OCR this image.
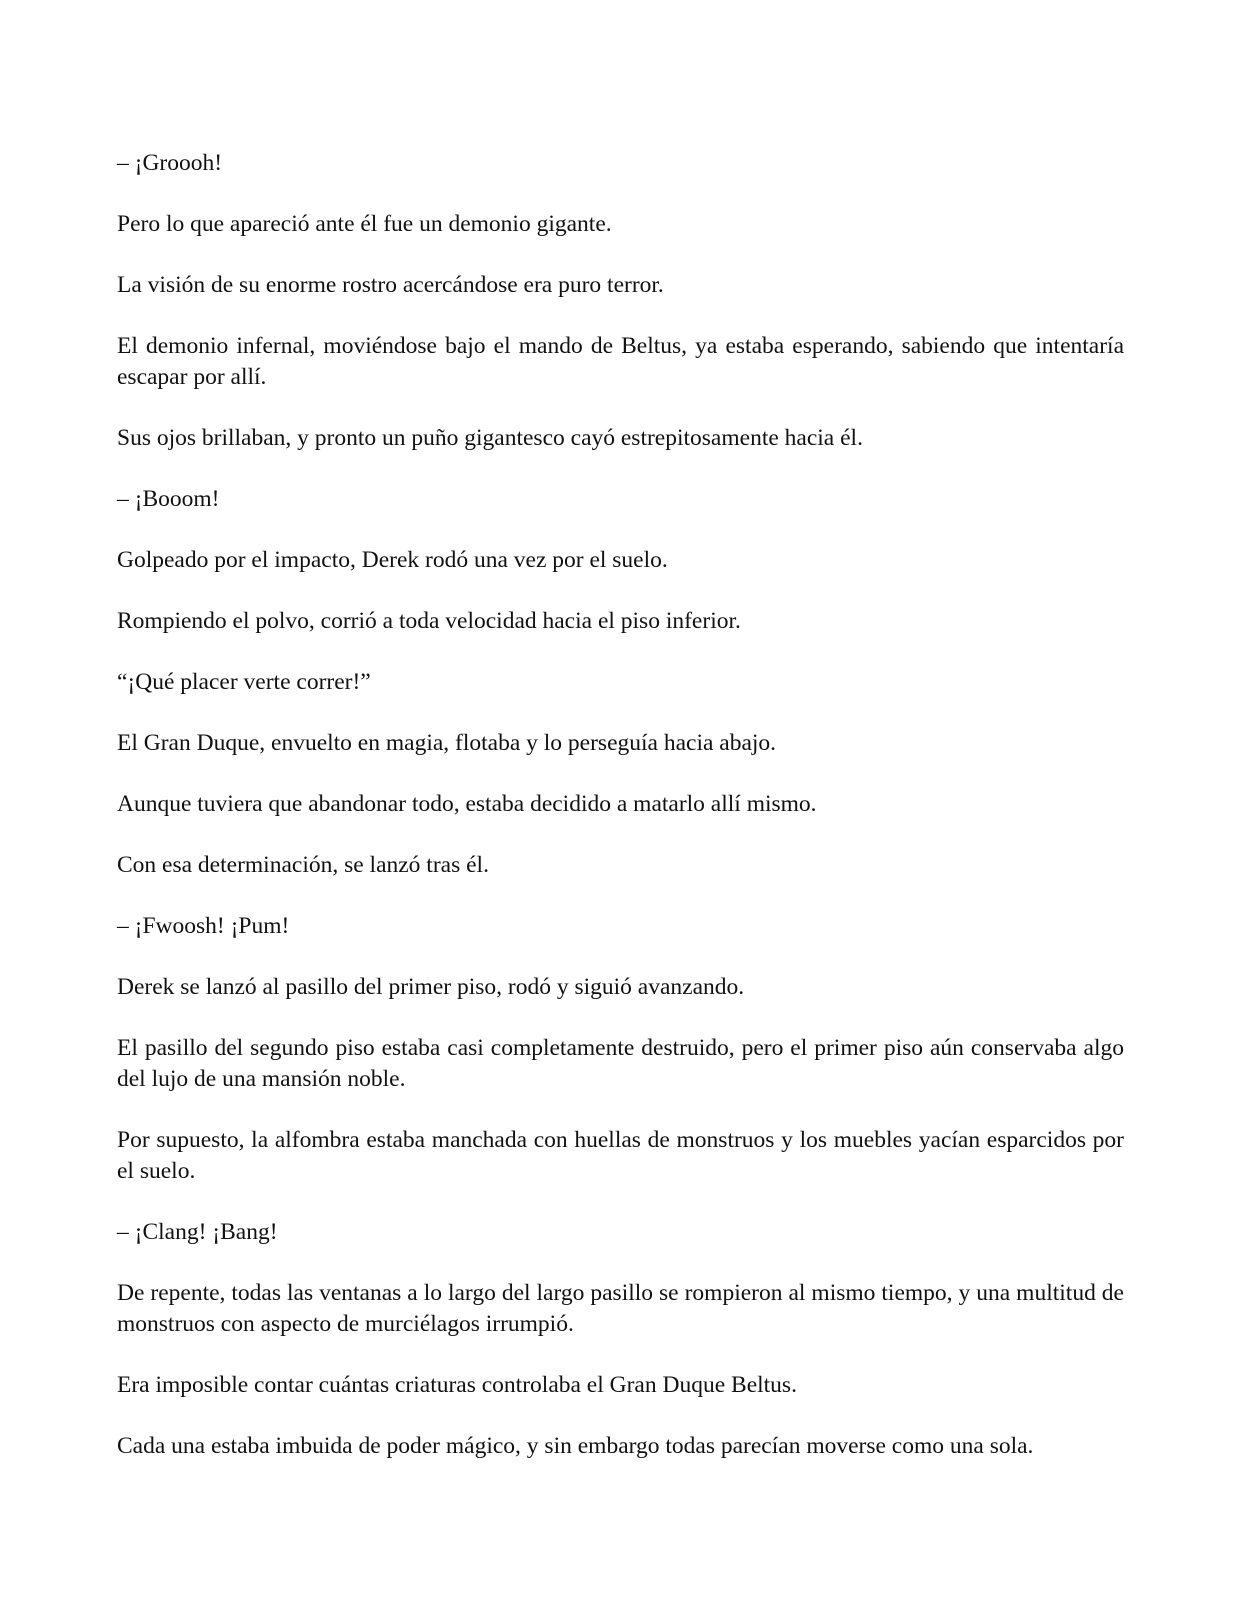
– ¡Groooh!

Pero lo que apareció ante él fue un demonio gigante.

La visión de su enorme rostro acercándose era puro terror.

El demonio infernal, moviéndose bajo el mando de Beltus, ya estaba esperando, sabiendo que intentaría escapar por allí.

Sus ojos brillaban, y pronto un puño gigantesco cayó estrepitosamente hacia él.

– ¡Booom!

Golpeado por el impacto, Derek rodó una vez por el suelo.

Rompiendo el polvo, corrió a toda velocidad hacia el piso inferior.

“¡Qué placer verte correr!”

El Gran Duque, envuelto en magia, flotaba y lo perseguía hacia abajo.

Aunque tuviera que abandonar todo, estaba decidido a matarlo allí mismo.

Con esa determinación, se lanzó tras él.

– ¡Fwoosh! ¡Pum!

Derek se lanzó al pasillo del primer piso, rodó y siguió avanzando.

El pasillo del segundo piso estaba casi completamente destruido, pero el primer piso aún conservaba algo del lujo de una mansión noble.

Por supuesto, la alfombra estaba manchada con huellas de monstruos y los muebles yacían esparcidos por el suelo.

– ¡Clang! ¡Bang!

De repente, todas las ventanas a lo largo del largo pasillo se rompieron al mismo tiempo, y una multitud de monstruos con aspecto de murciélagos irrumpió.

Era imposible contar cuántas criaturas controlaba el Gran Duque Beltus.

Cada una estaba imbuida de poder mágico, y sin embargo todas parecían moverse como una sola.
